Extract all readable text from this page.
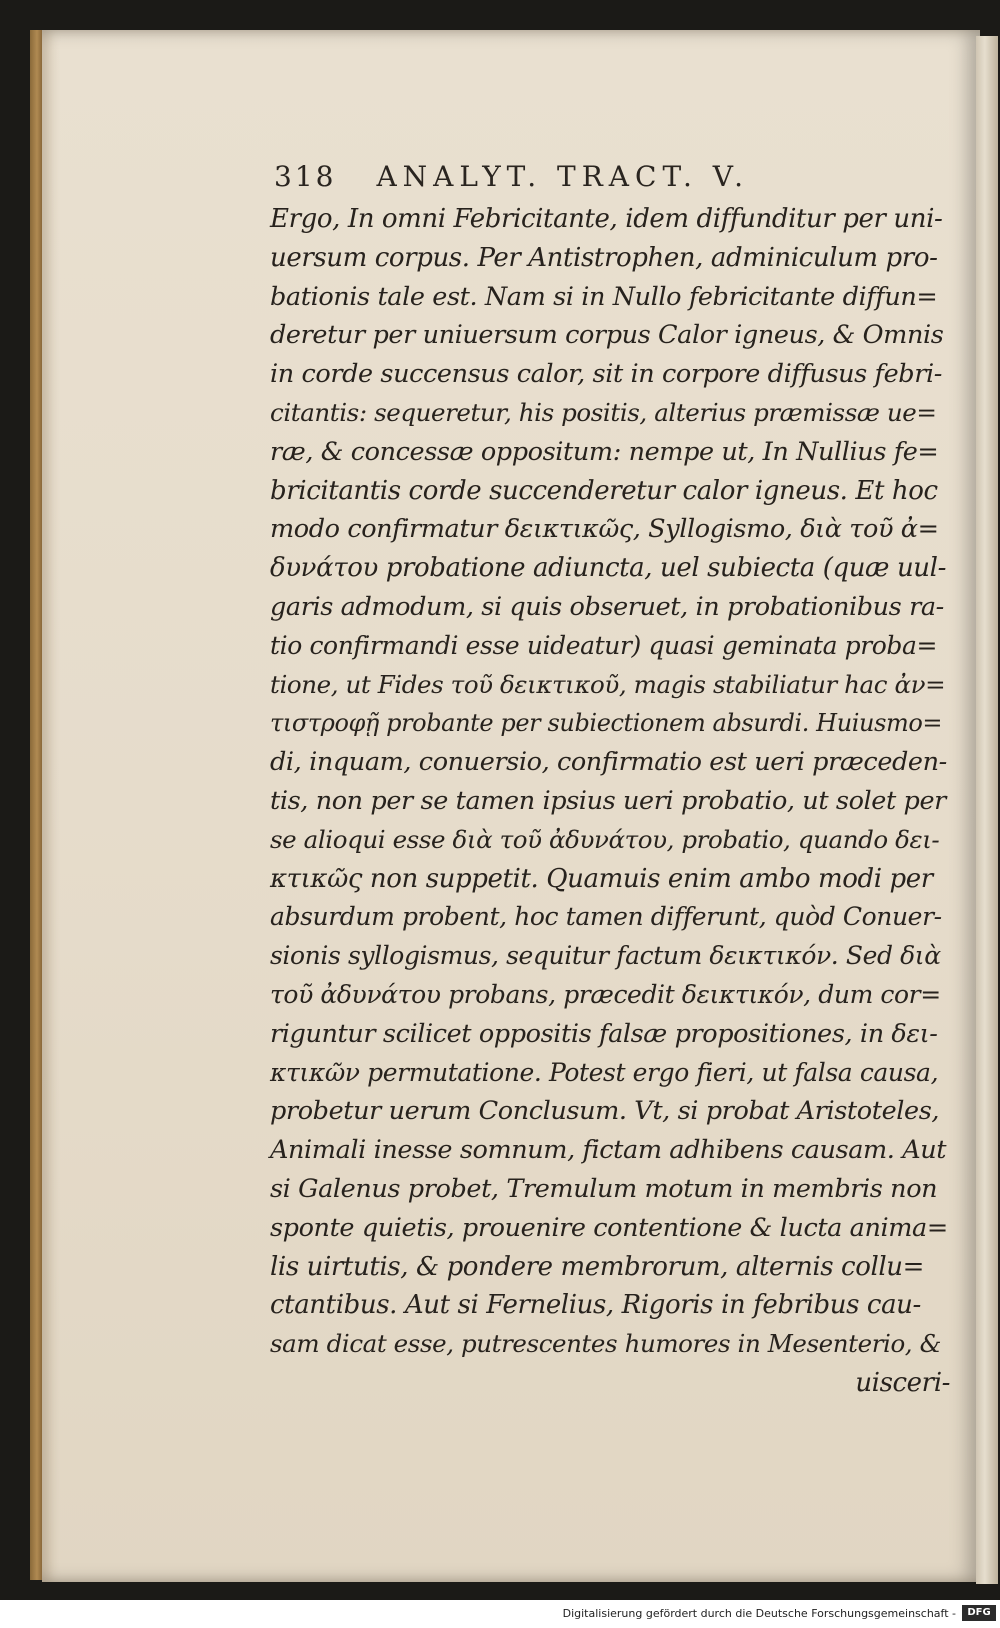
318 ANALYT. TRACT. V.
Ergo, In omni Febricitante, idem diffunditur per uni-
uersum corpus. Per Antistrophen, adminiculum pro-
bationis tale est. Nam si in Nullo febricitante diffun=
deretur per uniuersum corpus Calor igneus, & Omnis
in corde succensus calor, sit in corpore diffusus febri-
citantis: sequeretur, his positis, alterius præmissæ ue=
ræ, & concessæ oppositum: nempe ut, In Nullius fe=
bricitantis corde succenderetur calor igneus. Et hoc
modo confirmatur δεικτικῶς, Syllogismo, διὰ τοῦ ἀ=
δυνάτου probatione adiuncta, uel subiecta (quæ uul-
garis admodum, si quis obseruet, in probationibus ra-
tio confirmandi esse uideatur) quasi geminata proba=
tione, ut Fides τοῦ δεικτικοῦ, magis stabiliatur hac ἀν=
τιστροφῇ probante per subiectionem absurdi. Huiusmo=
di, inquam, conuersio, confirmatio est ueri præceden-
tis, non per se tamen ipsius ueri probatio, ut solet per
se alioqui esse διὰ τοῦ ἀδυνάτου, probatio, quando δει-
κτικῶς non suppetit. Quamuis enim ambo modi per
absurdum probent, hoc tamen differunt, quòd Conuer-
sionis syllogismus, sequitur factum δεικτικόν. Sed διὰ
τοῦ ἀδυνάτου probans, præcedit δεικτικόν, dum cor=
riguntur scilicet oppositis falsæ propositiones, in δει-
κτικῶν permutatione. Potest ergo fieri, ut falsa causa,
probetur uerum Conclusum. Vt, si probat Aristoteles,
Animali inesse somnum, fictam adhibens causam. Aut
si Galenus probet, Tremulum motum in membris non
sponte quietis, prouenire contentione & lucta anima=
lis uirtutis, & pondere membrorum, alternis collu=
ctantibus. Aut si Fernelius, Rigoris in febribus cau-
sam dicat esse, putrescentes humores in Mesenterio, &
uisceri-
Digitalisierung gefördert durch die Deutsche Forschungsgemeinschaft -	DFG
